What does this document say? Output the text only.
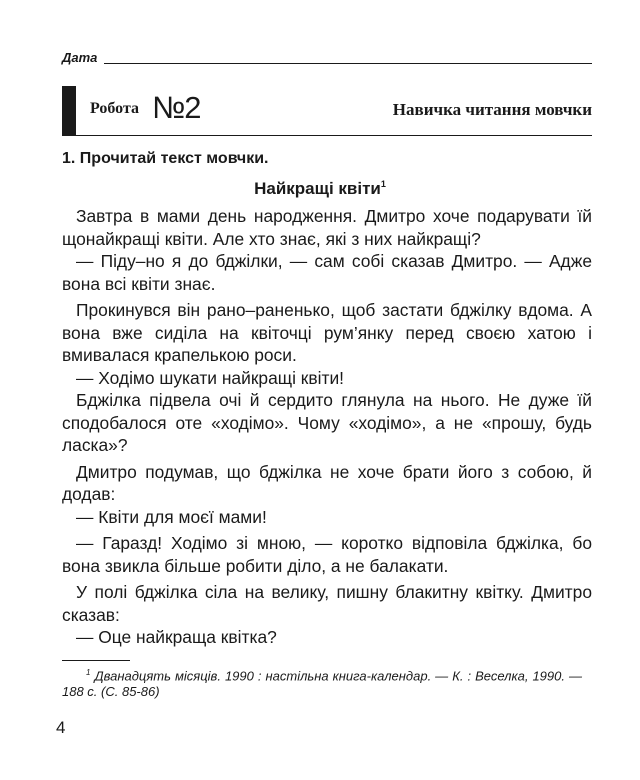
Дата
Робота №2	Навичка читання мовчки
1. Прочитай текст мовчки.
Найкращі квіти$^1$

Завтра в мами день народження. Дмитро хоче подарувати їй щонайкращі квіти. Але хто знає, які з них найкращі?

— Піду–но я до бджілки, — сам собі сказав Дмитро. — Адже вона всі квіти знає.

Прокинувся він рано–раненько, щоб застати бджілку вдома. А вона вже сиділа на квіточці рум’янку перед своєю хатою і вмивалася крапелькою роси.

— Ходімо шукати найкращі квіти!

Бджілка підвела очі й сердито глянула на нього. Не дуже їй сподобалося оте «ходімо». Чому «ходімо», а не «прошу, будь ласка»?

Дмитро подумав, що бджілка не хоче брати його з собою, й додав:

— Квіти для моєї мами!

— Гаразд! Ходімо зі мною, — коротко відповіла бджілка, бо вона звикла більше робити діло, а не балакати.

У полі бджілка сіла на велику, пишну блакитну квітку. Дмитро сказав:

— Оце найкраща квітка?

$^1$ Дванадцять місяців. 1990 : настільна книга-календар. — К. : Веселка, 1990. — 188 с. (С. 85-86)
4
